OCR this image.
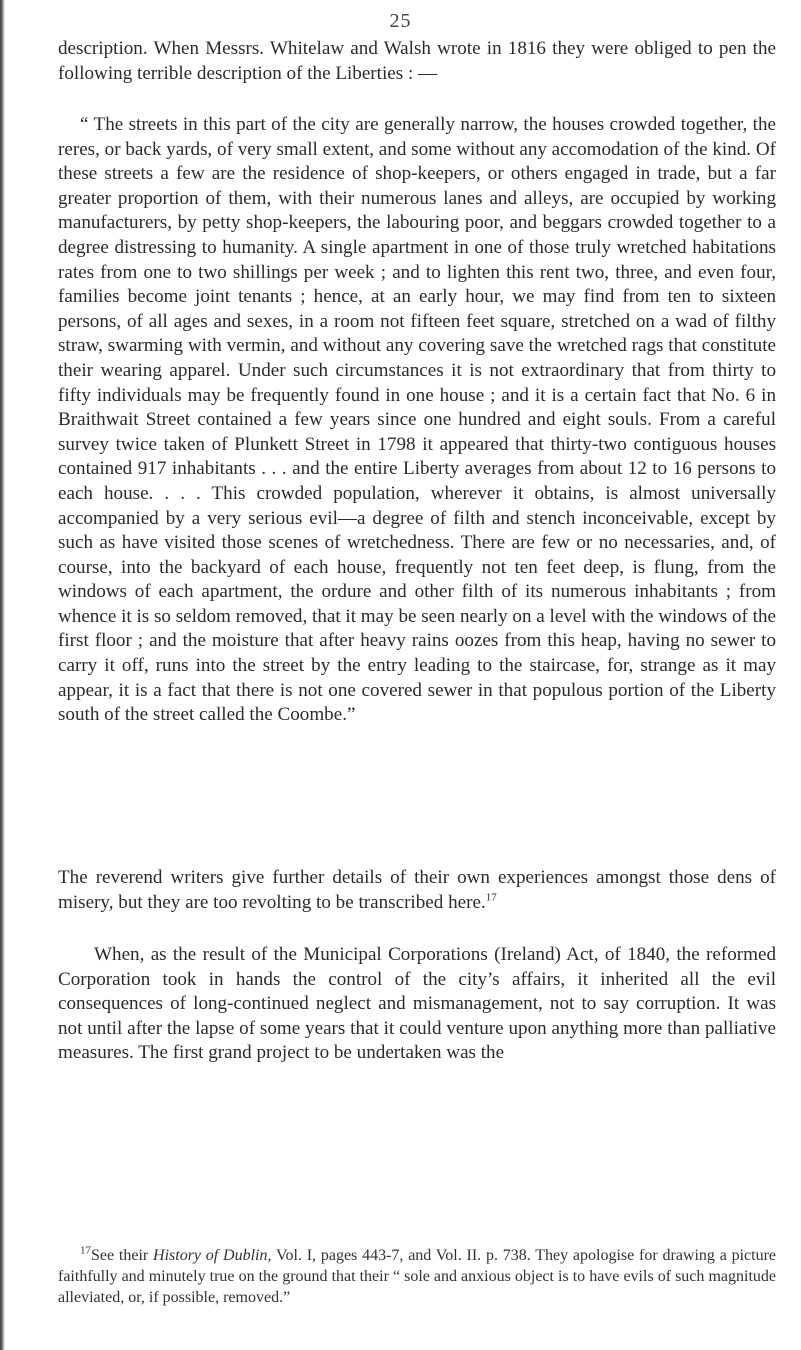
25

description. When Messrs. Whitelaw and Walsh wrote in 1816 they were obliged to pen the following terrible description of the Liberties : —

“ The streets in this part of the city are generally narrow, the houses crowded together, the reres, or back yards, of very small extent, and some without any accomodation of the kind. Of these streets a few are the residence of shop-keepers, or others engaged in trade, but a far greater proportion of them, with their numerous lanes and alleys, are occupied by working manufacturers, by petty shop-keepers, the labouring poor, and beggars crowded together to a degree distressing to humanity. A single apartment in one of those truly wretched habitations rates from one to two shillings per week ; and to lighten this rent two, three, and even four, families become joint tenants ; hence, at an early hour, we may find from ten to sixteen persons, of all ages and sexes, in a room not fifteen feet square, stretched on a wad of filthy straw, swarming with vermin, and without any covering save the wretched rags that constitute their wearing apparel. Under such circumstances it is not extraordinary that from thirty to fifty individuals may be frequently found in one house ; and it is a certain fact that No. 6 in Braithwait Street contained a few years since one hundred and eight souls. From a careful survey twice taken of Plunkett Street in 1798 it appeared that thirty-two contiguous houses contained 917 inhabitants . . . and the entire Liberty averages from about 12 to 16 persons to each house. . . . This crowded population, wherever it obtains, is almost universally accompanied by a very serious evil—a degree of filth and stench inconceivable, except by such as have visited those scenes of wretchedness. There are few or no necessaries, and, of course, into the backyard of each house, frequently not ten feet deep, is flung, from the windows of each apartment, the ordure and other filth of its numerous inhabitants ; from whence it is so seldom removed, that it may be seen nearly on a level with the windows of the first floor ; and the moisture that after heavy rains oozes from this heap, having no sewer to carry it off, runs into the street by the entry leading to the staircase, for, strange as it may appear, it is a fact that there is not one covered sewer in that populous portion of the Liberty south of the street called the Coombe.”

The reverend writers give further details of their own experiences amongst those dens of misery, but they are too revolting to be transcribed here.$^{17}$

When, as the result of the Municipal Corporations (Ireland) Act, of 1840, the reformed Corporation took in hands the control of the city’s affairs, it inherited all the evil consequences of long-continued neglect and mismanagement, not to say corruption. It was not until after the lapse of some years that it could venture upon anything more than palliative measures. The first grand project to be undertaken was the

$^{17}$See their History of Dublin, Vol. I, pages 443-7, and Vol. II. p. 738. They apologise for drawing a picture faithfully and minutely true on the ground that their “ sole and anxious object is to have evils of such magnitude alleviated, or, if possible, removed.”
